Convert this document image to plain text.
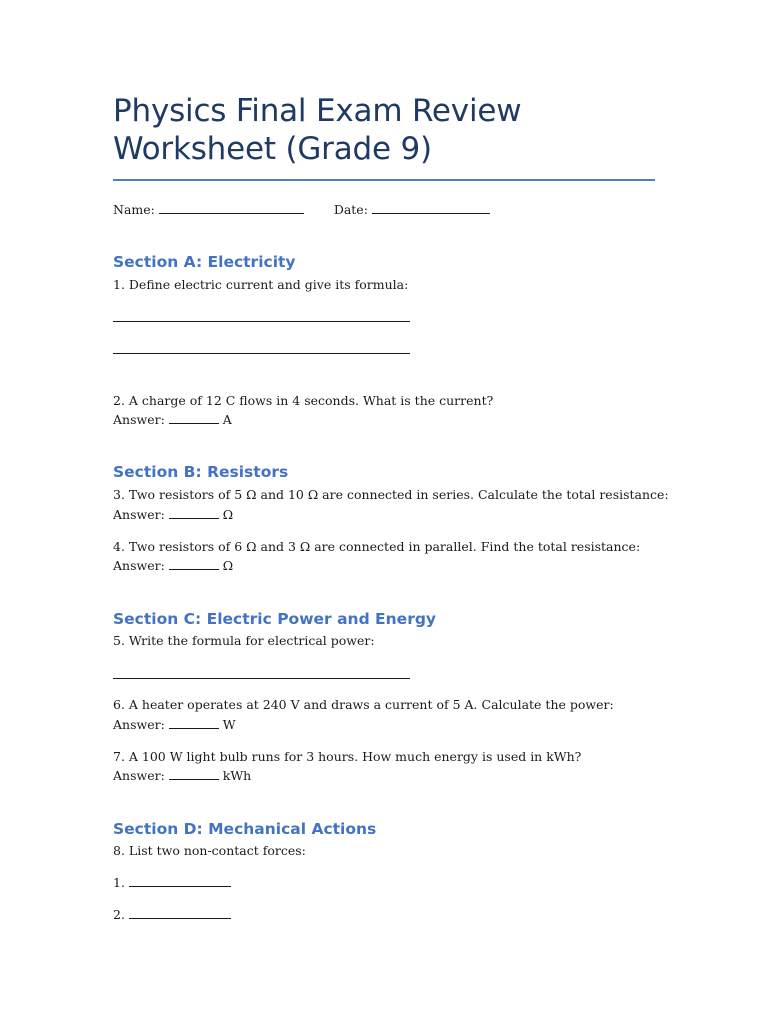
Physics Final Exam Review Worksheet (Grade 9)
Name:	Date:
Section A: Electricity
1. Define electric current and give its formula:
2. A charge of 12 C flows in 4 seconds. What is the current?
Answer:	A
Section B: Resistors
3. Two resistors of 5 Ω and 10 Ω are connected in series. Calculate the total resistance:
Answer:	Ω
4. Two resistors of 6 Ω and 3 Ω are connected in parallel. Find the total resistance:
Answer:	Ω
Section C: Electric Power and Energy
5. Write the formula for electrical power:
6. A heater operates at 240 V and draws a current of 5 A. Calculate the power:
Answer:	W
7. A 100 W light bulb runs for 3 hours. How much energy is used in kWh?
Answer:	kWh
Section D: Mechanical Actions
8. List two non-contact forces:
1.
2.
